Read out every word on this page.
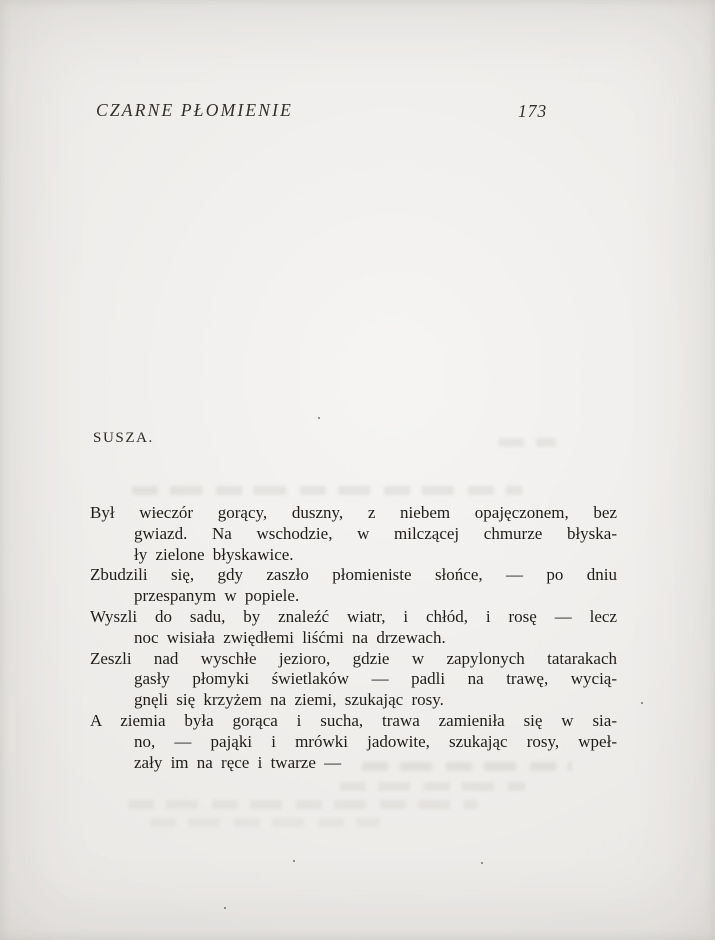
CZARNE PŁOMIENIE	173
SUSZA.
Był wieczór gorący, duszny, z niebem opajęczonem, bez
gwiazd. Na wschodzie, w milczącej chmurze błyska-
ły zielone błyskawice.
Zbudzili się, gdy zaszło płomieniste słońce, — po dniu
przespanym w popiele.
Wyszli do sadu, by znaleźć wiatr, i chłód, i rosę — lecz
noc wisiała zwiędłemi liśćmi na drzewach.
Zeszli nad wyschłe jezioro, gdzie w zapylonych tatarakach
gasły płomyki świetlaków — padli na trawę, wycią-
gnęli się krzyżem na ziemi, szukając rosy.
A ziemia była gorąca i sucha, trawa zamieniła się w sia-
no, — pająki i mrówki jadowite, szukając rosy, wpeł-
zały im na ręce i twarze —
